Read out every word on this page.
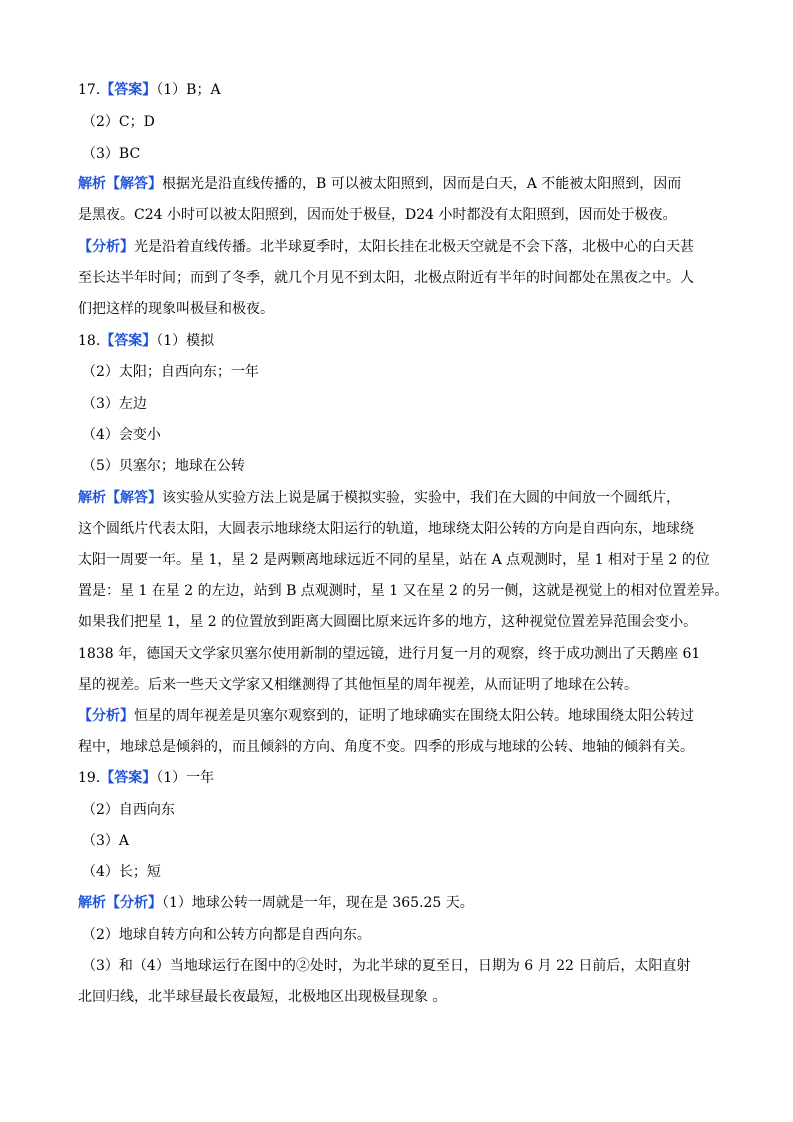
17.【答案】（1）B；A
（2）C；D
（3）BC
解析【解答】根据光是沿直线传播的，B 可以被太阳照到，因而是白天，A 不能被太阳照到，因而
是黑夜。C24 小时可以被太阳照到，因而处于极昼，D24 小时都没有太阳照到，因而处于极夜。
【分析】光是沿着直线传播。北半球夏季时，太阳长挂在北极天空就是不会下落，北极中心的白天甚
至长达半年时间；而到了冬季，就几个月见不到太阳，北极点附近有半年的时间都处在黑夜之中。人
们把这样的现象叫极昼和极夜。
18.【答案】（1）模拟
（2）太阳；自西向东；一年
（3）左边
（4）会变小
（5）贝塞尔；地球在公转
解析【解答】该实验从实验方法上说是属于模拟实验，实验中，我们在大圆的中间放一个圆纸片，
这个圆纸片代表太阳，大圆表示地球绕太阳运行的轨道，地球绕太阳公转的方向是自西向东，地球绕
太阳一周要一年。星 1，星 2 是两颗离地球远近不同的星星，站在 A 点观测时，星 1 相对于星 2 的位
置是：星 1 在星 2 的左边，站到 B 点观测时，星 1 又在星 2 的另一侧，这就是视觉上的相对位置差异。
如果我们把星 1，星 2 的位置放到距离大圆圈比原来远许多的地方，这种视觉位置差异范围会变小。
1838 年，德国天文学家贝塞尔使用新制的望远镜，进行月复一月的观察，终于成功测出了天鹅座 61
星的视差。后来一些天文学家又相继测得了其他恒星的周年视差，从而证明了地球在公转。
【分析】恒星的周年视差是贝塞尔观察到的，证明了地球确实在围绕太阳公转。地球围绕太阳公转过
程中，地球总是倾斜的，而且倾斜的方向、角度不变。四季的形成与地球的公转、地轴的倾斜有关。
19.【答案】（1）一年
（2）自西向东
（3）A
（4）长；短
解析【分析】（1）地球公转一周就是一年，现在是 365.25 天。
（2）地球自转方向和公转方向都是自西向东。
（3）和（4）当地球运行在图中的②处时，为北半球的夏至日，日期为 6 月 22 日前后，太阳直射
北回归线，北半球昼最长夜最短，北极地区出现极昼现象 。
